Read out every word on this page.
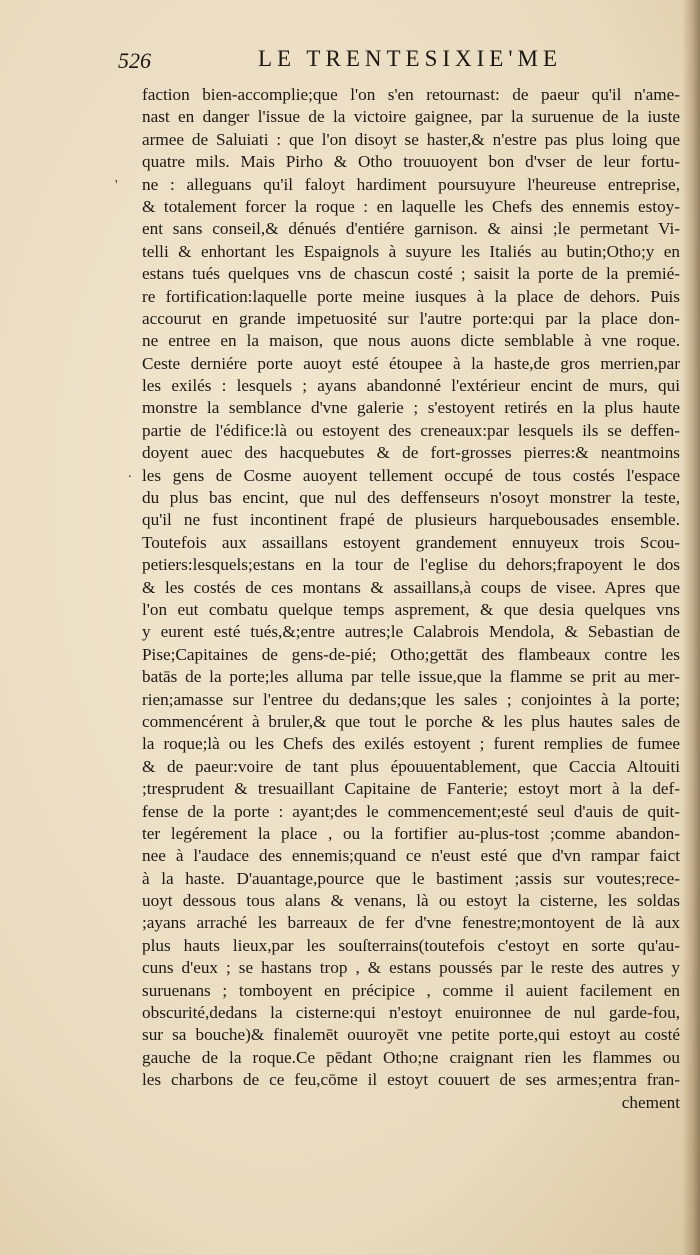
526	LE TRENTESIXIE'ME
faction bien-accomplie;que l'on s'en retournast: de paeur qu'il n'ame-
nast en danger l'issue de la victoire gaignee, par la suruenue de la iuste
armee de Saluiati : que l'on disoyt se haster,& n'estre pas plus loing que
quatre mils. Mais Pirho & Otho trouuoyent bon d'vser de leur fortu-
ne : alleguans qu'il faloyt hardiment poursuyure l'heureuse entreprise,
& totalement forcer la roque : en laquelle les Chefs des ennemis estoy-
ent sans conseil,& dénués d'entiére garnison. & ainsi ;le permetant Vi-
telli & enhortant les Espaignols à suyure les Italiés au butin;Otho;y en
estans tués quelques vns de chascun costé ; saisit la porte de la premié-
re fortification:laquelle porte meine iusques à la place de dehors. Puis
accourut en grande impetuosité sur l'autre porte:qui par la place don-
ne entree en la maison, que nous auons dicte semblable à vne roque.
Ceste derniére porte auoyt esté étoupee à la haste,de gros merrien,par
les exilés : lesquels ; ayans abandonné l'extérieur encint de murs, qui
monstre la semblance d'vne galerie ; s'estoyent retirés en la plus haute
partie de l'édifice:là ou estoyent des creneaux:par lesquels ils se deffen-
doyent auec des hacquebutes & de fort-grosses pierres:& neantmoins
les gens de Cosme auoyent tellement occupé de tous costés l'espace
du plus bas encint, que nul des deffenseurs n'osoyt monstrer la teste,
qu'il ne fust incontinent frapé de plusieurs harquebousades ensemble.
Toutefois aux assaillans estoyent grandement ennuyeux trois Scou-
petiers:lesquels;estans en la tour de l'eglise du dehors;frapoyent le dos
& les costés de ces montans & assaillans,à coups de visee. Apres que
l'on eut combatu quelque temps asprement, & que desia quelques vns
y eurent esté tués,&;entre autres;le Calabrois Mendola, & Sebastian de
Pise;Capitaines de gens-de-pié; Otho;gettāt des flambeaux contre les
batās de la porte;les alluma par telle issue,que la flamme se prit au mer-
rien;amasse sur l'entree du dedans;que les sales ; conjointes à la porte;
commencérent à bruler,& que tout le porche & les plus hautes sales de
la roque;là ou les Chefs des exilés estoyent ; furent remplies de fumee
& de paeur:voire de tant plus épouuentablement, que Caccia Altouiti
;tresprudent & tresuaillant Capitaine de Fanterie; estoyt mort à la def-
fense de la porte : ayant;des le commencement;esté seul d'auis de quit-
ter legérement la place , ou la fortifier au-plus-tost ;comme abandon-
nee à l'audace des ennemis;quand ce n'eust esté que d'vn rampar faict
à la haste. D'auantage,pource que le bastiment ;assis sur voutes;rece-
uoyt dessous tous alans & venans, là ou estoyt la cisterne, les soldas
;ayans arraché les barreaux de fer d'vne fenestre;montoyent de là aux
plus hauts lieux,par les souſterrains(toutefois c'estoyt en sorte qu'au-
cuns d'eux ; se hastans trop , & estans poussés par le reste des autres y
suruenans ; tomboyent en précipice , comme il auient facilement en
obscurité,dedans la cisterne:qui n'estoyt enuironnee de nul garde-fou,
sur sa bouche)& finalemēt ouuroyēt vne petite porte,qui estoyt au costé
gauche de la roque.Ce pēdant Otho;ne craignant rien les flammes ou
les charbons de ce feu,cōme il estoyt couuert de ses armes;entra fran-
chement
'
.
